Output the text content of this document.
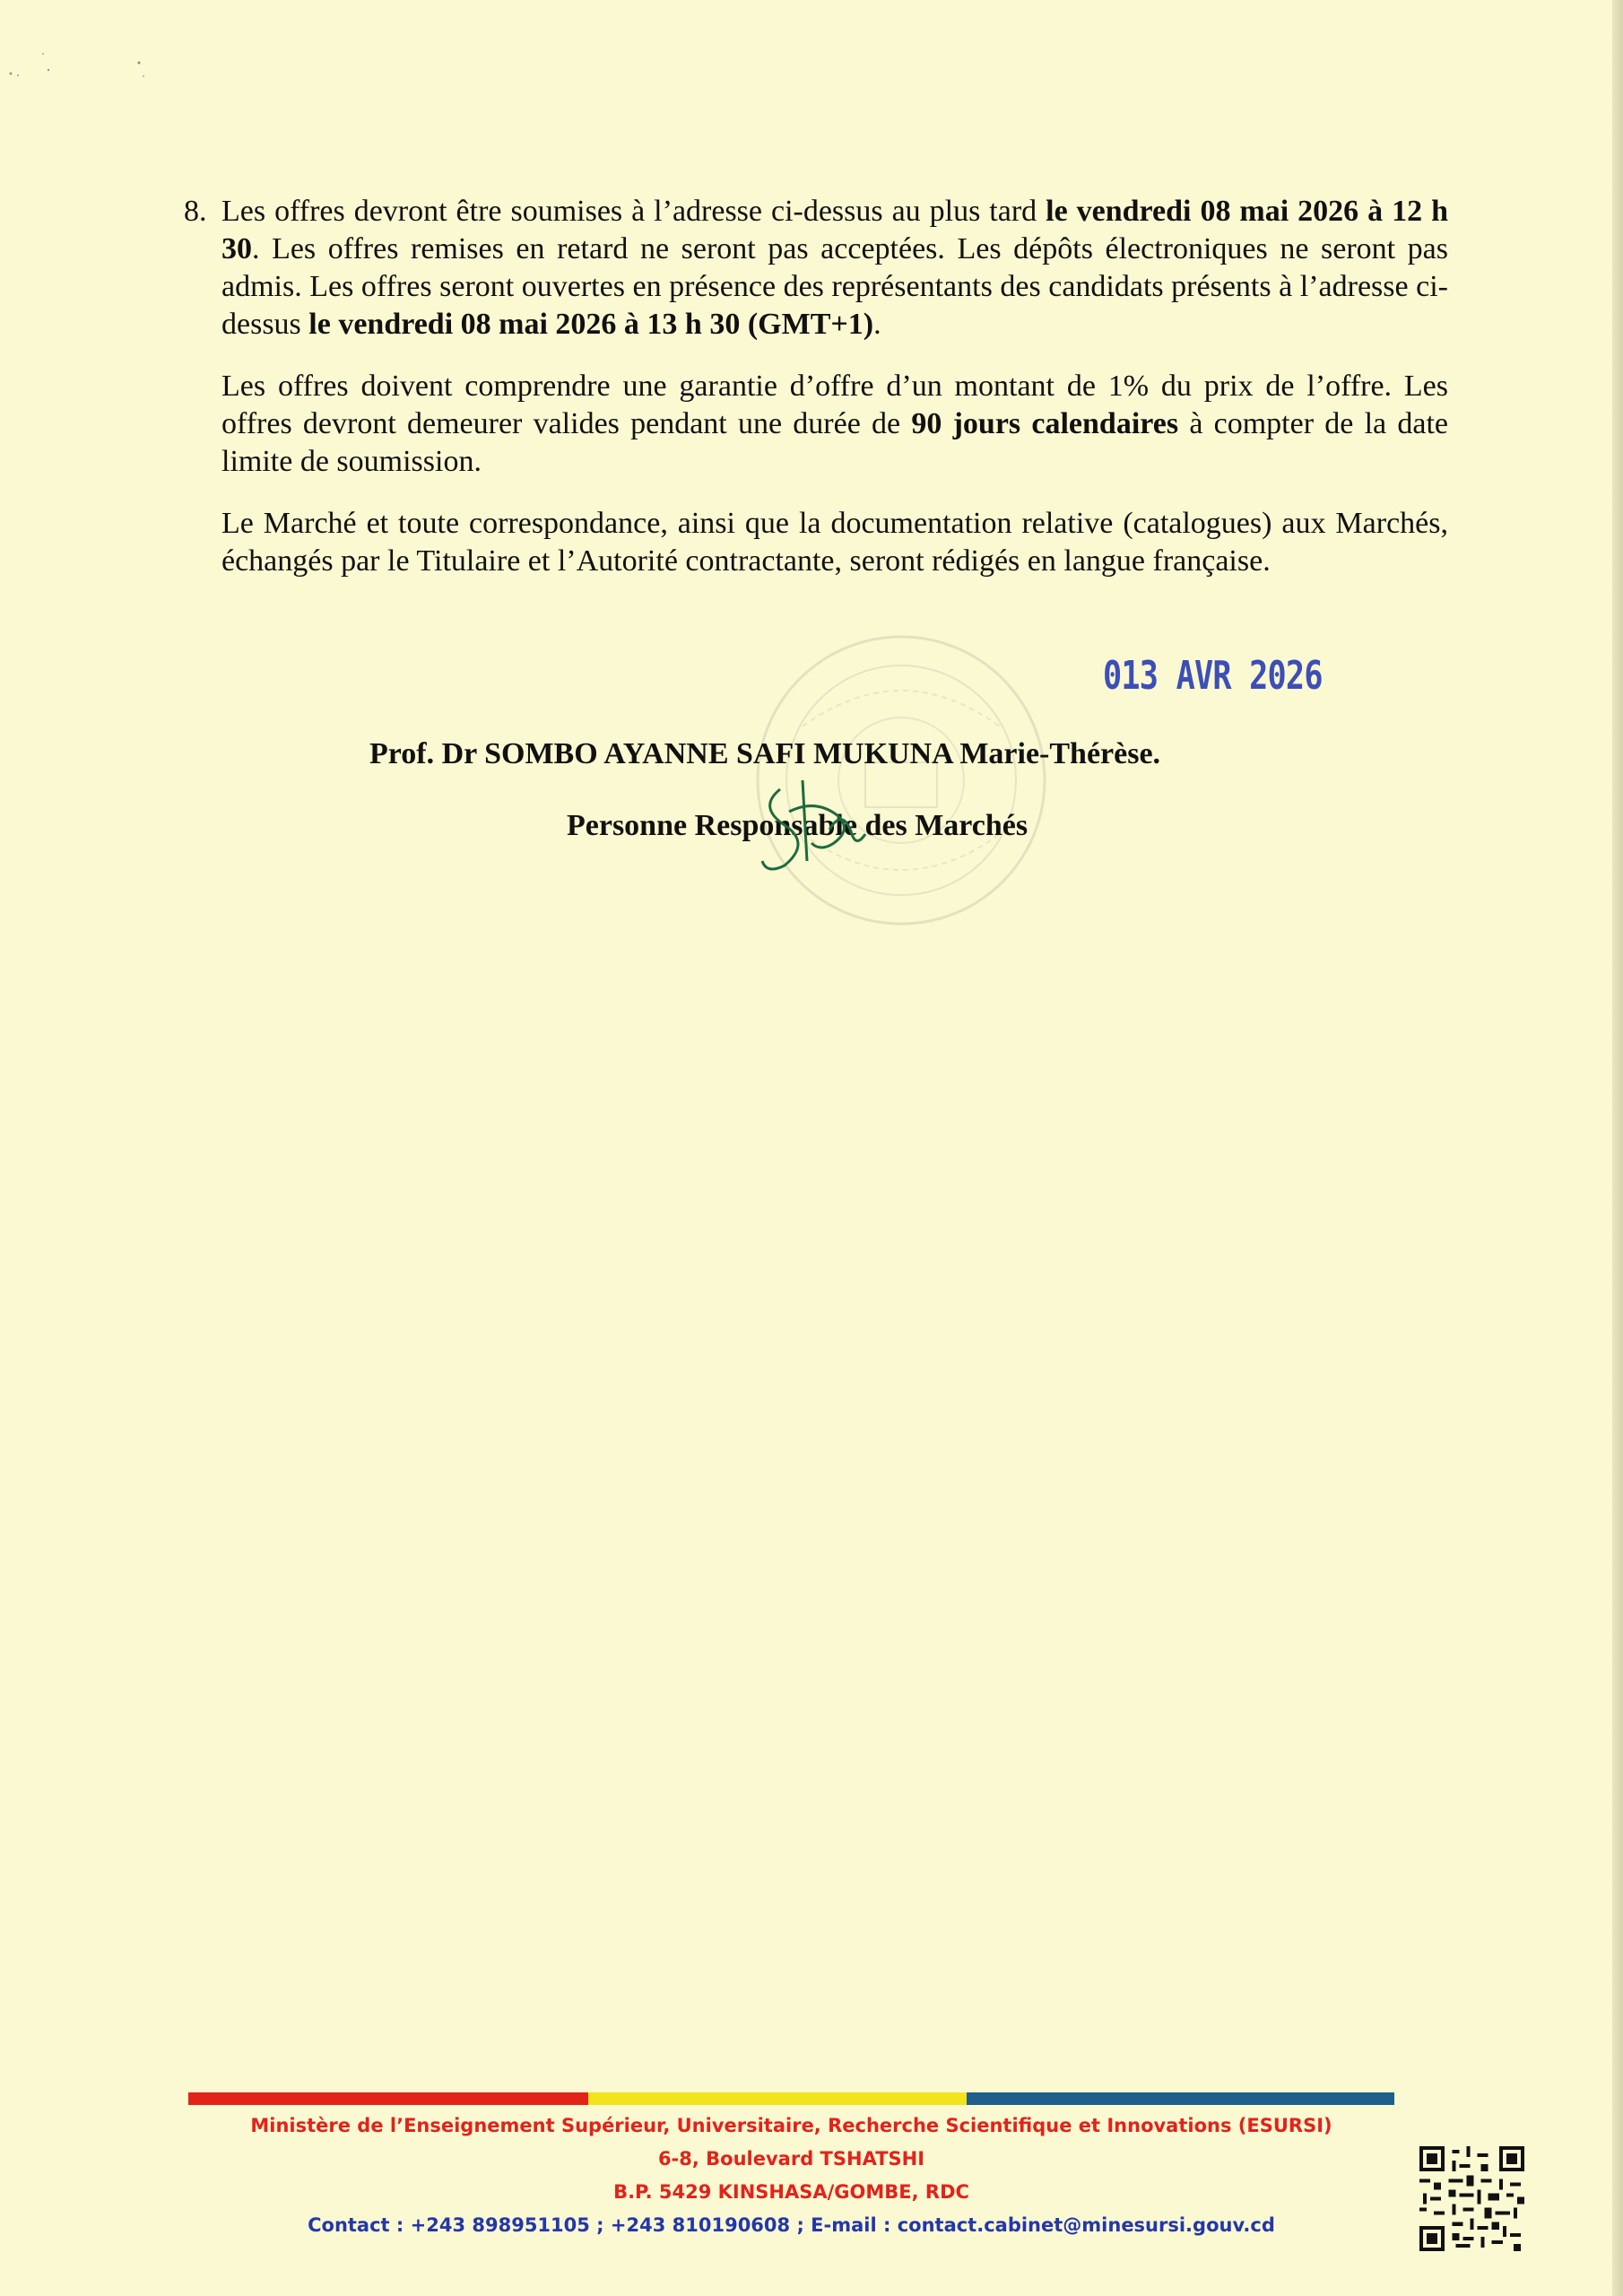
8. Les offres devront être soumises à l’adresse ci-dessus au plus tard le vendredi 08 mai 2026 à 12 h 30. Les offres remises en retard ne seront pas acceptées. Les dépôts électroniques ne seront pas admis. Les offres seront ouvertes en présence des représentants des candidats présents à l’adresse ci-dessus le vendredi 08 mai 2026 à 13 h 30 (GMT+1).

Les offres doivent comprendre une garantie d’offre d’un montant de 1% du prix de l’offre. Les offres devront demeurer valides pendant une durée de 90 jours calendaires à compter de la date limite de soumission.

Le Marché et toute correspondance, ainsi que la documentation relative (catalogues) aux Marchés, échangés par le Titulaire et l’Autorité contractante, seront rédigés en langue française.

013 AVR 2026
Prof. Dr SOMBO AYANNE SAFI MUKUNA Marie-Thérèse.
Personne Responsable des Marchés
Ministère de l’Enseignement Supérieur, Universitaire, Recherche Scientifique et Innovations (ESURSI)
6-8, Boulevard TSHATSHI
B.P. 5429 KINSHASA/GOMBE, RDC
Contact : +243 898951105 ; +243 810190608 ; E-mail : contact.cabinet@minesursi.gouv.cd
